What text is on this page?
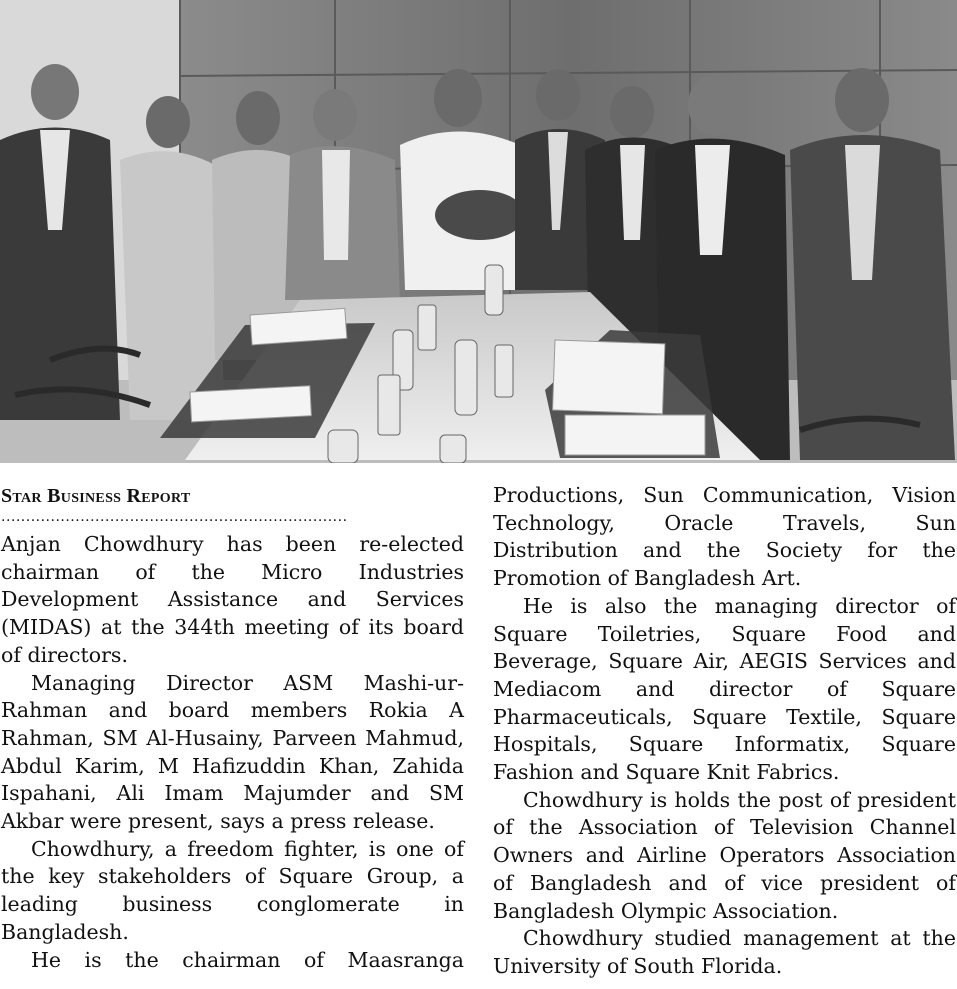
Star Business Report

......................................................................

Anjan Chowdhury has been re-elected chairman of the Micro Industries Development Assistance and Services (MIDAS) at the 344th meeting of its board of directors.

Managing Director ASM Mashi-ur-Rahman and board members Rokia A Rahman, SM Al-Husainy, Parveen Mahmud, Abdul Karim, M Hafizuddin Khan, Zahida Ispahani, Ali Imam Majumder and SM Akbar were present, says a press release.

Chowdhury, a freedom fighter, is one of the key stakeholders of Square Group, a leading business conglomerate in Bangladesh.

He is the chairman of Maasranga

Productions, Sun Communication, Vision Technology, Oracle Travels, Sun Distribution and the Society for the Promotion of Bangladesh Art.

He is also the managing director of Square Toiletries, Square Food and Beverage, Square Air, AEGIS Services and Mediacom and director of Square Pharmaceuticals, Square Textile, Square Hospitals, Square Informatix, Square Fashion and Square Knit Fabrics.

Chowdhury is holds the post of president of the Association of Television Channel Owners and Airline Operators Association of Bangladesh and of vice president of Bangladesh Olympic Association.

Chowdhury studied management at the University of South Florida.
